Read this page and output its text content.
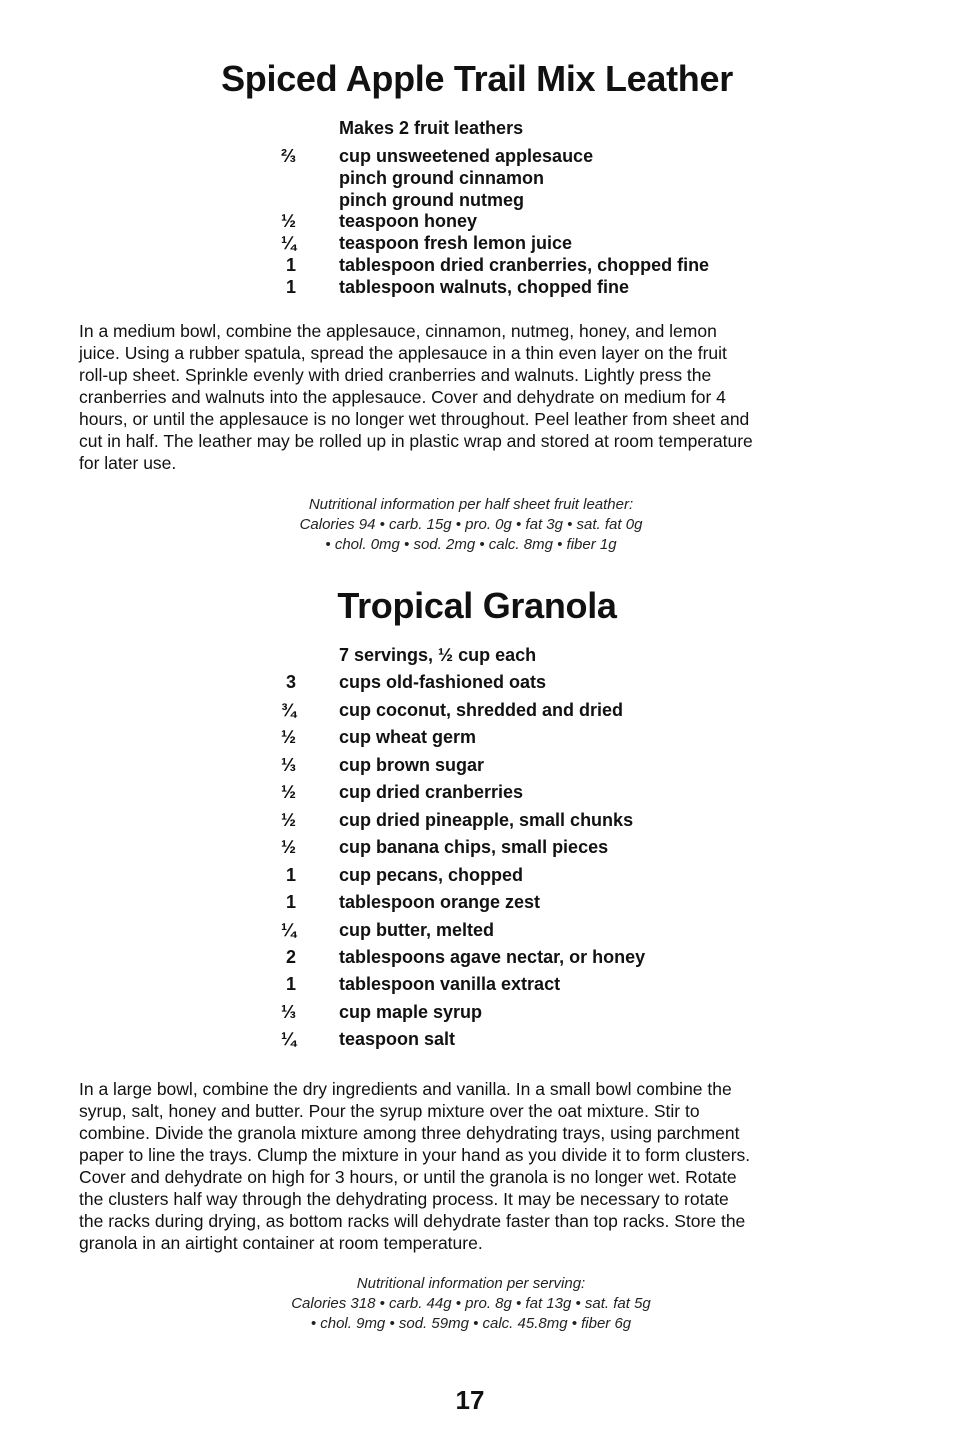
Spiced Apple Trail Mix Leather
Makes 2 fruit leathers
⅔ cup unsweetened applesauce
pinch ground cinnamon
pinch ground nutmeg
½ teaspoon honey
¼ teaspoon fresh lemon juice
1 tablespoon dried cranberries, chopped fine
1 tablespoon walnuts, chopped fine

In a medium bowl, combine the applesauce, cinnamon, nutmeg, honey, and lemon
juice. Using a rubber spatula, spread the applesauce in a thin even layer on the fruit
roll-up sheet. Sprinkle evenly with dried cranberries and walnuts. Lightly press the
cranberries and walnuts into the applesauce. Cover and dehydrate on medium for 4
hours, or until the applesauce is no longer wet throughout. Peel leather from sheet and
cut in half. The leather may be rolled up in plastic wrap and stored at room temperature
for later use.

Nutritional information per half sheet fruit leather:
Calories 94 • carb. 15g • pro. 0g • fat 3g • sat. fat 0g
• chol. 0mg • sod. 2mg • calc. 8mg • fiber 1g
Tropical Granola
7 servings, ½ cup each
3 cups old-fashioned oats
¾ cup coconut, shredded and dried
½ cup wheat germ
⅓ cup brown sugar
½ cup dried cranberries
½ cup dried pineapple, small chunks
½ cup banana chips, small pieces
1 cup pecans, chopped
1 tablespoon orange zest
¼ cup butter, melted
2 tablespoons agave nectar, or honey
1 tablespoon vanilla extract
⅓ cup maple syrup
¼ teaspoon salt

In a large bowl, combine the dry ingredients and vanilla. In a small bowl combine the
syrup, salt, honey and butter. Pour the syrup mixture over the oat mixture. Stir to
combine. Divide the granola mixture among three dehydrating trays, using parchment
paper to line the trays. Clump the mixture in your hand as you divide it to form clusters.
Cover and dehydrate on high for 3 hours, or until the granola is no longer wet. Rotate
the clusters half way through the dehydrating process. It may be necessary to rotate
the racks during drying, as bottom racks will dehydrate faster than top racks. Store the
granola in an airtight container at room temperature.

Nutritional information per serving:
Calories 318 • carb. 44g • pro. 8g • fat 13g • sat. fat 5g
• chol. 9mg • sod. 59mg • calc. 45.8mg • fiber 6g
17
